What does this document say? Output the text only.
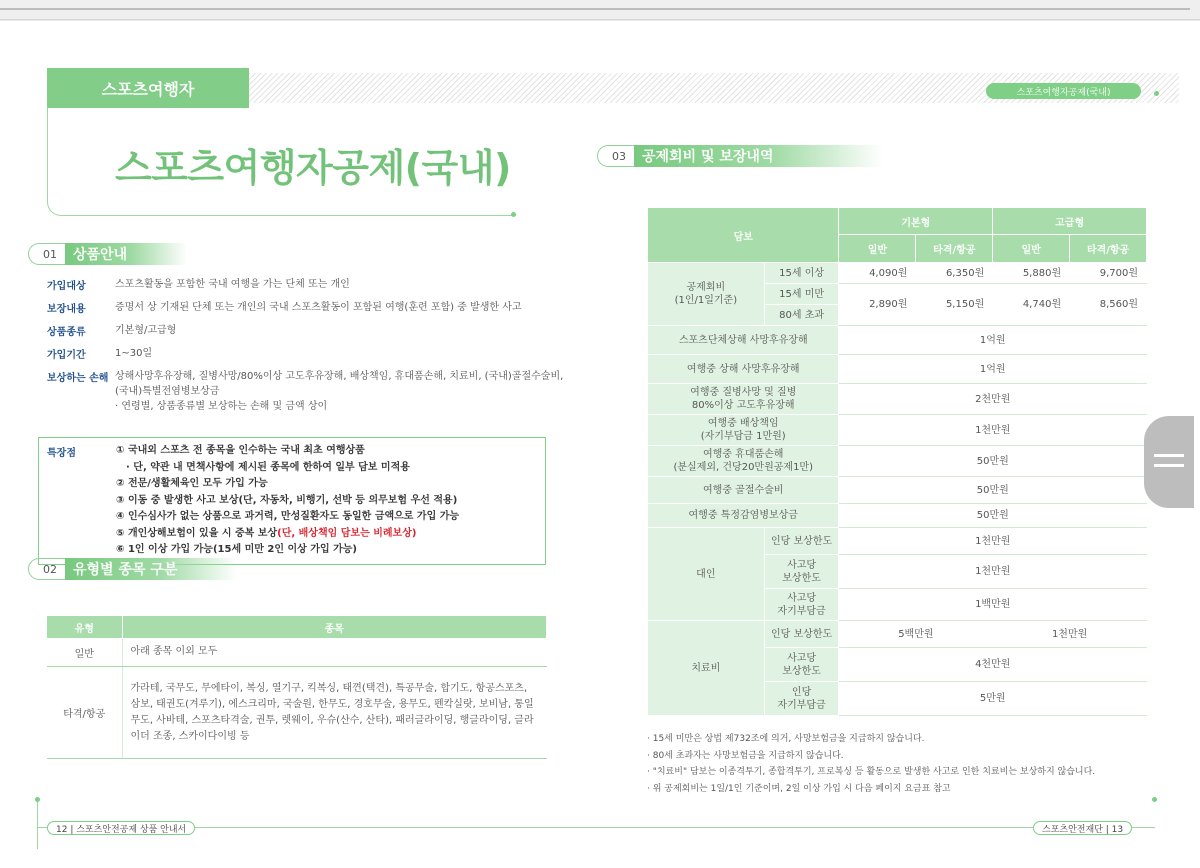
스포츠여행자	스포츠여행자공제(국내)
스포츠여행자공제(국내)
01	상품안내
가입대상	스포츠활동을 포함한 국내 여행을 가는 단체 또는 개인
보장내용	증명서 상 기재된 단체 또는 개인의 국내 스포츠활동이 포함된 여행(훈련 포함) 중 발생한 사고
상품종류	기본형/고급형
가입기간	1~30일
보상하는 손해 상해사망후유장해, 질병사망/80%이상 고도후유장해, 배상책임, 휴대품손해, 치료비, (국내)골절수술비,
(국내)특별전염병보상금
· 연령별, 상품종류별 보상하는 손해 및 금액 상이
특장점	① 국내외 스포츠 전 종목을 인수하는 국내 최초 여행상품
· 단, 약관 내 면책사항에 제시된 종목에 한하여 일부 담보 미적용
② 전문/생활체육인 모두 가입 가능
③ 이동 중 발생한 사고 보상(단, 자동차, 비행기, 선박 등 의무보험 우선 적용)
④ 인수심사가 없는 상품으로 과거력, 만성질환자도 동일한 금액으로 가입 가능
⑤ 개인상해보험이 있을 시 중복 보상(단, 배상책임 담보는 비례보상)
⑥ 1인 이상 가입 가능(15세 미만 2인 이상 가입 가능)
02	유형별 종목 구분
유형	종목
일반	아래 종목 이외 모두
타격/항공	가라테, 국무도, 무에타이, 복싱, 열기구, 킥복싱, 태껸(택견), 특공무술, 합기도, 항공스포츠, 삼보, 태권도(겨루기), 에스크리마, 국술원, 한무도, 경호무술, 용무도, 펜칵실랏, 보비남, 통일무도, 사바테, 스포츠타격술, 권투, 렛웨이, 우슈(산수, 산타), 패러글라이딩, 행글라이딩, 글라이더 조종, 스카이다이빙 등
03	공제회비 및 보장내역
담보		기본형		고급형	
		일반	타격/항공	일반	타격/항공
공제회비
(1인/1일기준)	15세 이상	4,090원	6,350원	5,880원	9,700원
	15세 미만	2,890원	5,150원	4,740원	8,560원
	80세 초과				
스포츠단체상해 사망후유장해		1억원			
여행중 상해 사망후유장해		1억원			
여행중 질병사망 및 질병
80%이상 고도후유장해		2천만원			
여행중 배상책임
(자기부담금 1만원)		1천만원			
여행중 휴대품손해
(분실제외, 건당20만원공제1만)		50만원			
여행중 골절수술비		50만원			
여행중 특정감염병보상금		50만원			
대인	인당 보상한도	1천만원			
	사고당
보상한도	1천만원			
	사고당
자기부담금	1백만원			
치료비	인당 보상한도	5백만원		1천만원	
	사고당
보상한도	4천만원			
	인당
자기부담금	5만원			
· 15세 미만은 상법 제732조에 의거, 사망보험금을 지급하지 않습니다.
· 80세 초과자는 사망보험금을 지급하지 않습니다.
· "치료비" 담보는 이종격투기, 종합격투기, 프로복싱 등 활동으로 발생한 사고로 인한 치료비는 보상하지 않습니다.
· 위 공제회비는 1일/1인 기준이며, 2일 이상 가입 시 다음 페이지 요금표 참고
12 | 스포츠안전공제 상품 안내서	스포츠안전재단 | 13
